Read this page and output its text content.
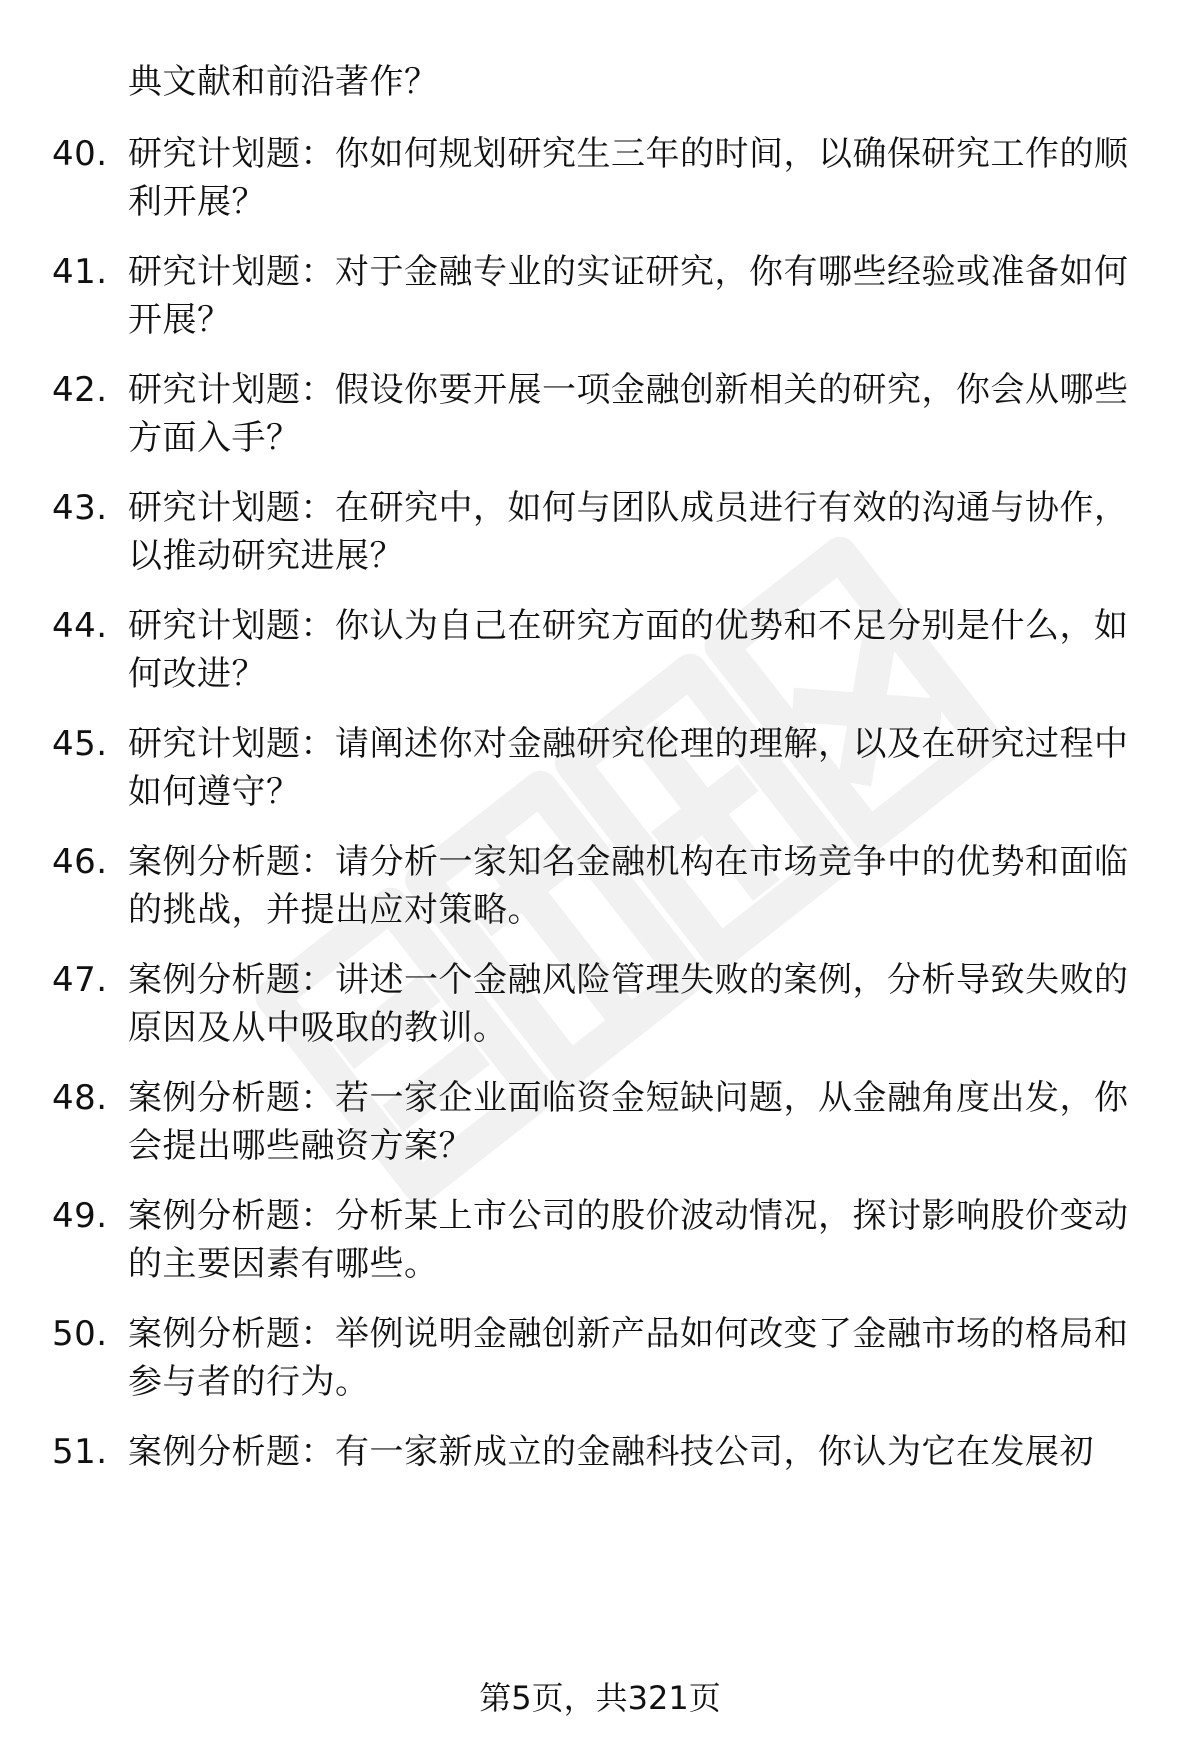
典文献和前沿著作？
40. 研究计划题：你如何规划研究生三年的时间，以确保研究工作的顺利开展？
41. 研究计划题：对于金融专业的实证研究，你有哪些经验或准备如何开展？
42. 研究计划题：假设你要开展一项金融创新相关的研究，你会从哪些方面入手？
43. 研究计划题：在研究中，如何与团队成员进行有效的沟通与协作，以推动研究进展？
44. 研究计划题：你认为自己在研究方面的优势和不足分别是什么，如何改进？
45. 研究计划题：请阐述你对金融研究伦理的理解，以及在研究过程中如何遵守？
46. 案例分析题：请分析一家知名金融机构在市场竞争中的优势和面临的挑战，并提出应对策略。
47. 案例分析题：讲述一个金融风险管理失败的案例，分析导致失败的原因及从中吸取的教训。
48. 案例分析题：若一家企业面临资金短缺问题，从金融角度出发，你会提出哪些融资方案？
49. 案例分析题：分析某上市公司的股价波动情况，探讨影响股价变动的主要因素有哪些。
50. 案例分析题：举例说明金融创新产品如何改变了金融市场的格局和参与者的行为。
51. 案例分析题：有一家新成立的金融科技公司，你认为它在发展初
第5页，共321页
